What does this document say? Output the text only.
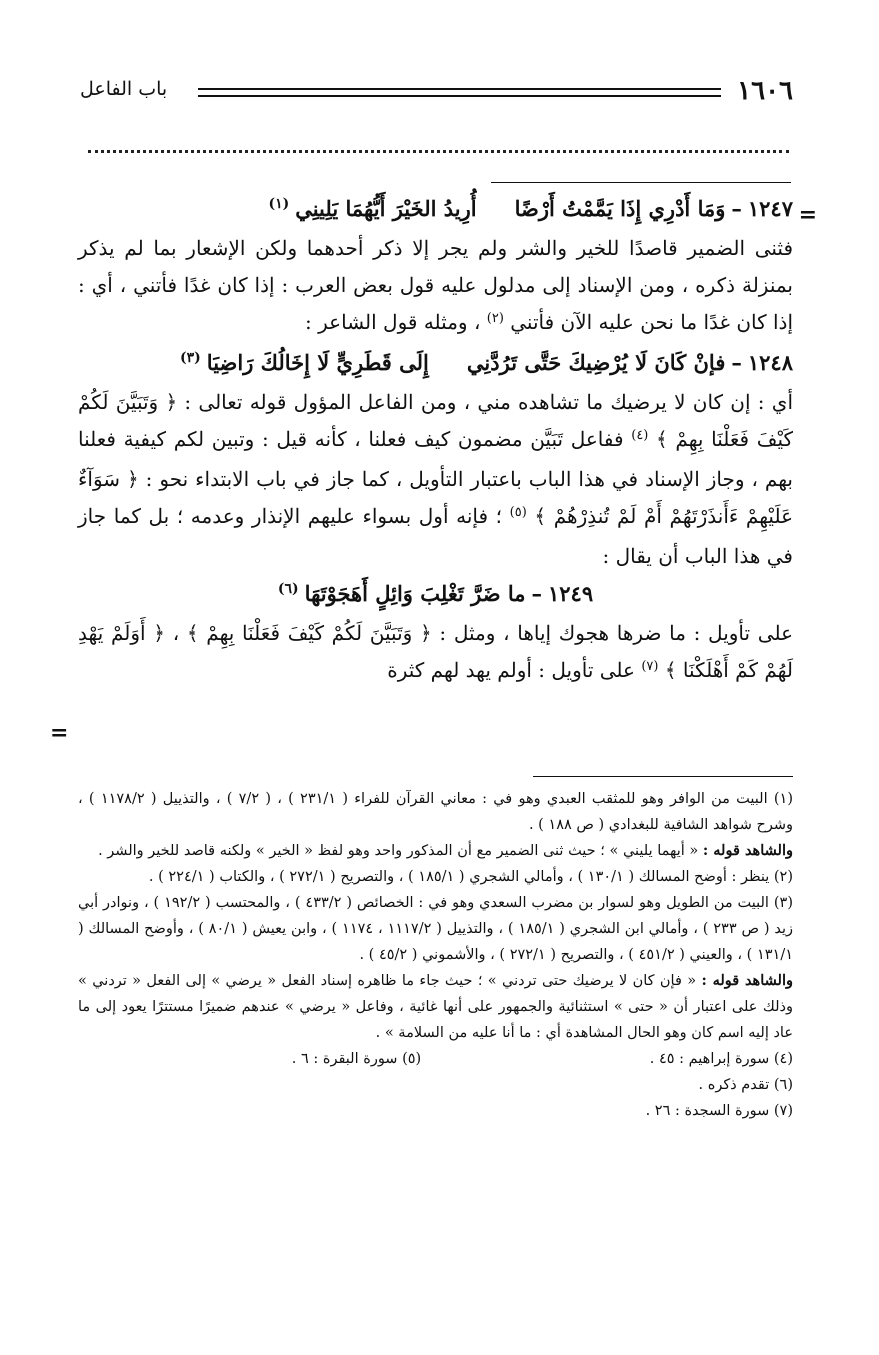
١٦٠٦
باب الفاعل
=
=
١٢٤٧
–
وَمَا أَدْرِي إِذَا يَمَّمْتُ أَرْضًا
أُرِيدُ الخَيْرَ أَيُّهُمَا يَلِينِي
(١)

فثنى الضمير قاصدًا للخير والشر ولم يجر إلا ذكر أحدهما ولكن الإشعار بما لم يذكر بمنزلة ذكره ، ومن الإسناد إلى مدلول عليه قول بعض العرب : إذا كان غدًا فأتني ، أي : إذا كان غدًا ما نحن عليه الآن فأتني $^{(٢)}$ ، ومثله قول الشاعر :

١٢٤٨
–
فإنْ كَانَ لَا يُرْضِيكَ حَتَّى تَرُدَّنِي
إِلَى قَطَرِيٍّ لَا إِخَالُكَ رَاضِيَا
(٣)

أي : إن كان لا يرضيك ما تشاهده مني ، ومن الفاعل المؤول قوله تعالى : ﴿ وَتَبَيَّنَ لَكُمْ كَيْفَ فَعَلْنَا بِهِمْ ﴾ $^{(٤)}$ ففاعل تَبَيَّن مضمون كيف فعلنا ، كأنه قيل : وتبين لكم كيفية فعلنا بهم ، وجاز الإسناد في هذا الباب باعتبار التأويل ، كما جاز في باب الابتداء نحو : ﴿ سَوَآءٌ عَلَيْهِمْ ءَأَنذَرْتَهُمْ أَمْ لَمْ تُنذِرْهُمْ ﴾ $^{(٥)}$ ؛ فإنه أول بسواء عليهم الإنذار وعدمه ؛ بل كما جاز في هذا الباب أن يقال :

١٢٤٩
–
ما ضَرَّ تَغْلِبَ وَائِلٍ أَهَجَوْتَهَا
(٦)

على تأويل : ما ضرها هجوك إياها ، ومثل : ﴿ وَتَبَيَّنَ لَكُمْ كَيْفَ فَعَلْنَا بِهِمْ ﴾ ، ﴿ أَوَلَمْ يَهْدِ لَهُمْ كَمْ أَهْلَكْنَا ﴾ $^{(٧)}$ على تأويل : أولم يهد لهم كثرة

(١) البيت من الوافر وهو للمثقب العبدي وهو في : معاني القرآن للفراء ( ٢٣١/١ ) ، ( ٧/٢ ) ، والتذييل ( ١١٧٨/٢ ) ، وشرح شواهد الشافية للبغدادي ( ص ١٨٨ ) .

والشاهد قوله : « أيهما يليني » ؛ حيث ثنى الضمير مع أن المذكور واحد وهو لفظ « الخير » ولكنه قاصد للخير والشر .

(٢) ينظر : أوضح المسالك ( ١٣٠/١ ) ، وأمالي الشجري ( ١٨٥/١ ) ، والتصريح ( ٢٧٢/١ ) ، والكتاب ( ٢٢٤/١ ) .

(٣) البيت من الطويل وهو لسوار بن مضرب السعدي وهو في : الخصائص ( ٤٣٣/٢ ) ، والمحتسب ( ١٩٢/٢ ) ، ونوادر أبي زيد ( ص ٢٣٣ ) ، وأمالي ابن الشجري ( ١٨٥/١ ) ، والتذييل ( ١١١٧/٢ ، ١١٧٤ ) ، وابن يعيش ( ٨٠/١ ) ، وأوضح المسالك ( ١٣١/١ ) ، والعيني ( ٤٥١/٢ ) ، والتصريح ( ٢٧٢/١ ) ، والأشموني ( ٤٥/٢ ) .

والشاهد قوله : « فإن كان لا يرضيك حتى تردني » ؛ حيث جاء ما ظاهره إسناد الفعل « يرضي » إلى الفعل « تردني » وذلك على اعتبار أن « حتى » استثنائية والجمهور على أنها غائية ، وفاعل « يرضي » عندهم ضميرًا مستترًا يعود إلى ما عاد إليه اسم كان وهو الحال المشاهدة أي : ما أنا عليه من السلامة » .

(٤) سورة إبراهيم : ٤٥ .
(٥) سورة البقرة : ٦ .

(٦) تقدم ذكره .

(٧) سورة السجدة : ٢٦ .
